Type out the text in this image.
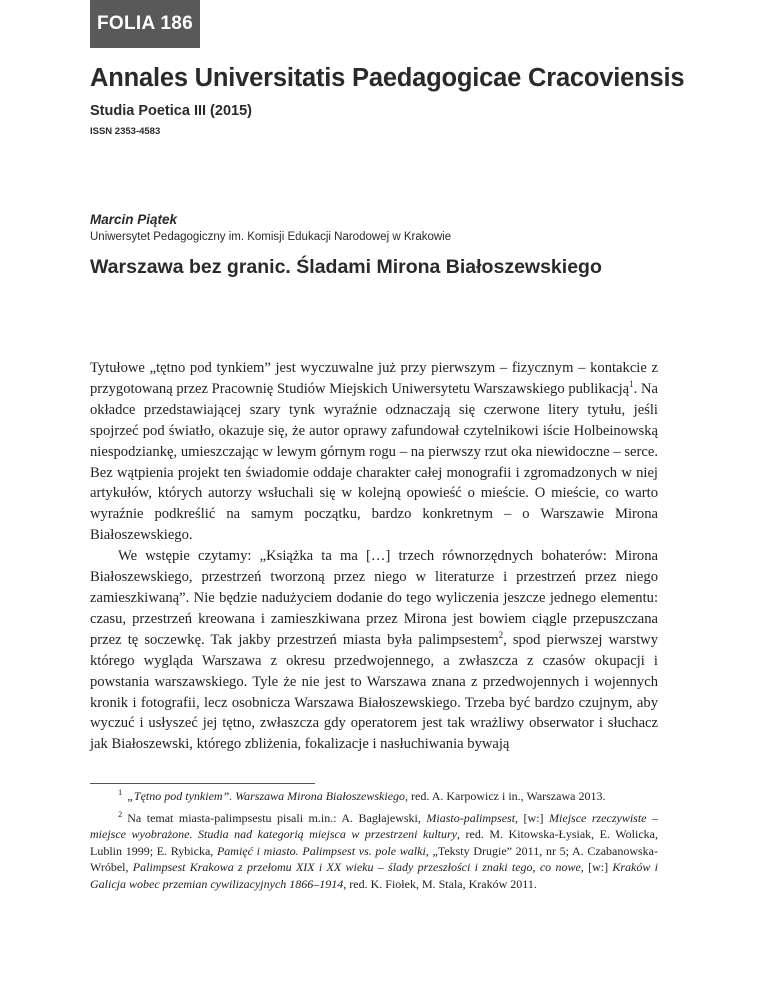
FOLIA 186
Annales Universitatis Paedagogicae Cracoviensis
Studia Poetica III (2015)
ISSN 2353-4583
Marcin Piątek
Uniwersytet Pedagogiczny im. Komisji Edukacji Narodowej w Krakowie
Warszawa bez granic. Śladami Mirona Białoszewskiego

Tytułowe „tętno pod tynkiem” jest wyczuwalne już przy pierwszym – fizycznym – kontakcie z przygotowaną przez Pracownię Studiów Miejskich Uniwersytetu Warszawskiego publikacją$^1$. Na okładce przedstawiającej szary tynk wyraźnie odznaczają się czerwone litery tytułu, jeśli spojrzeć pod światło, okazuje się, że autor oprawy zafundował czytelnikowi iście Holbeinowską niespodziankę, umieszczając w lewym górnym rogu – na pierwszy rzut oka niewidoczne – serce. Bez wątpienia projekt ten świadomie oddaje charakter całej monografii i zgromadzonych w niej artykułów, których autorzy wsłuchali się w kolejną opowieść o mieście. O mieście, co warto wyraźnie podkreślić na samym początku, bardzo konkretnym – o Warszawie Mirona Białoszewskiego.

We wstępie czytamy: „Książka ta ma […] trzech równorzędnych bohaterów: Mirona Białoszewskiego, przestrzeń tworzoną przez niego w literaturze i przestrzeń przez niego zamieszkiwaną”. Nie będzie nadużyciem dodanie do tego wyliczenia jeszcze jednego elementu: czasu, przestrzeń kreowana i zamieszkiwana przez Mirona jest bowiem ciągle przepuszczana przez tę soczewkę. Tak jakby przestrzeń miasta była palimpsestem$^2$, spod pierwszej warstwy którego wygląda Warszawa z okresu przedwojennego, a zwłaszcza z czasów okupacji i powstania warszawskiego. Tyle że nie jest to Warszawa znana z przedwojennych i wojennych kronik i fotografii, lecz osobnicza Warszawa Białoszewskiego. Trzeba być bardzo czujnym, aby wyczuć i usłyszeć jej tętno, zwłaszcza gdy operatorem jest tak wrażliwy obserwator i słuchacz jak Białoszewski, którego zbliżenia, fokalizacje i nasłuchiwania bywają

$^1$ „Tętno pod tynkiem”. Warszawa Mirona Białoszewskiego, red. A. Karpowicz i in., Warszawa 2013.

$^2$ Na temat miasta-palimpsestu pisali m.in.: A. Bagłajewski, Miasto-palimpsest, [w:] Miejsce rzeczywiste – miejsce wyobrażone. Studia nad kategorią miejsca w przestrzeni kultury, red. M. Kitowska-Łysiak, E. Wolicka, Lublin 1999; E. Rybicka, Pamięć i miasto. Palimpsest vs. pole walki, „Teksty Drugie” 2011, nr 5; A. Czabanowska-Wróbel, Palimpsest Krakowa z przełomu XIX i XX wieku – ślady przeszłości i znaki tego, co nowe, [w:] Kraków i Galicja wobec przemian cywilizacyjnych 1866–1914, red. K. Fiołek, M. Stala, Kraków 2011.
